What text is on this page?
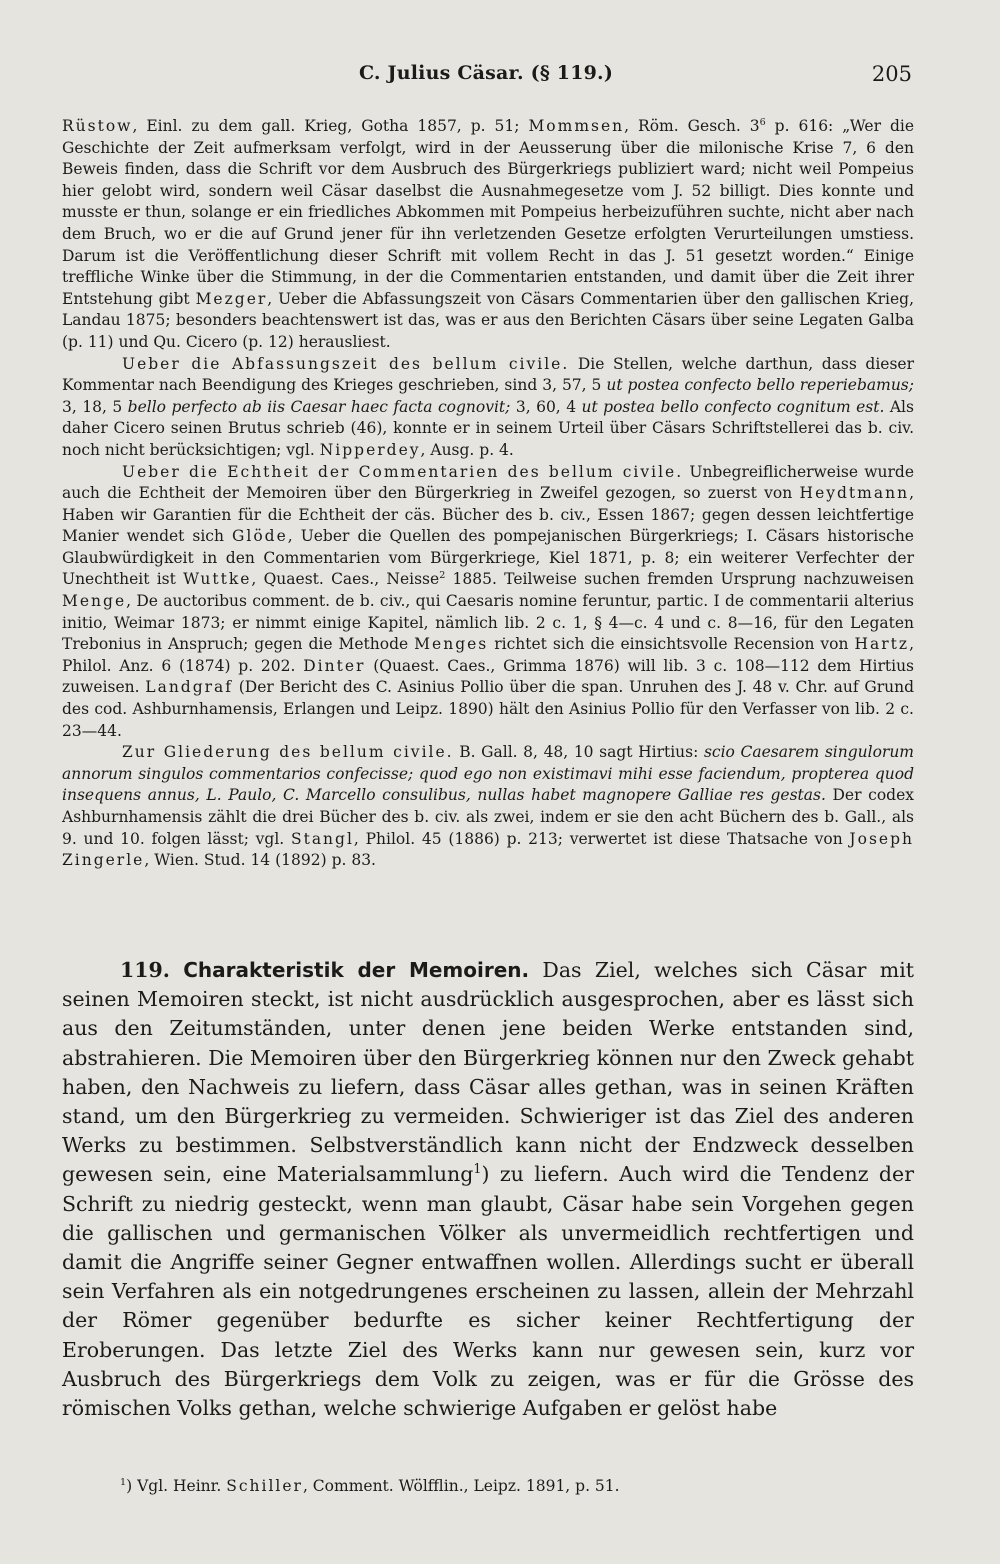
C. Julius Cäsar. (§ 119.)	205

Rüstow, Einl. zu dem gall. Krieg, Gotha 1857, p. 51; Mommsen, Röm. Gesch. $3^6$ p. 616: „Wer die Geschichte der Zeit aufmerksam verfolgt, wird in der Aeusserung über die milonische Krise 7, 6 den Beweis finden, dass die Schrift vor dem Ausbruch des Bürgerkriegs publiziert ward; nicht weil Pompeius hier gelobt wird, sondern weil Cäsar daselbst die Ausnahmegesetze vom J. 52 billigt. Dies konnte und musste er thun, solange er ein friedliches Abkommen mit Pompeius herbeizuführen suchte, nicht aber nach dem Bruch, wo er die auf Grund jener für ihn verletzenden Gesetze erfolgten Verurteilungen umstiess. Darum ist die Veröffentlichung dieser Schrift mit vollem Recht in das J. 51 gesetzt worden.“ Einige treffliche Winke über die Stimmung, in der die Commentarien entstanden, und damit über die Zeit ihrer Entstehung gibt Mezger, Ueber die Abfassungszeit von Cäsars Commentarien über den gallischen Krieg, Landau 1875; besonders beachtenswert ist das, was er aus den Berichten Cäsars über seine Legaten Galba (p. 11) und Qu. Cicero (p. 12) herausliest.

Ueber die Abfassungszeit des bellum civile. Die Stellen, welche darthun, dass dieser Kommentar nach Beendigung des Krieges geschrieben, sind 3, 57, 5 ut postea confecto bello reperiebamus; 3, 18, 5 bello perfecto ab iis Caesar haec facta cognovit; 3, 60, 4 ut postea bello confecto cognitum est. Als daher Cicero seinen Brutus schrieb (46), konnte er in seinem Urteil über Cäsars Schriftstellerei das b. civ. noch nicht berücksichtigen; vgl. Nipperdey, Ausg. p. 4.

Ueber die Echtheit der Commentarien des bellum civile. Unbegreiflicherweise wurde auch die Echtheit der Memoiren über den Bürgerkrieg in Zweifel gezogen, so zuerst von Heydtmann, Haben wir Garantien für die Echtheit der cäs. Bücher des b. civ., Essen 1867; gegen dessen leichtfertige Manier wendet sich Glöde, Ueber die Quellen des pompejanischen Bürgerkriegs; I. Cäsars historische Glaubwürdigkeit in den Commentarien vom Bürgerkriege, Kiel 1871, p. 8; ein weiterer Verfechter der Unechtheit ist Wuttke, Quaest. Caes., Neisse$^2$ 1885. Teilweise suchen fremden Ursprung nachzuweisen Menge, De auctoribus comment. de b. civ., qui Caesaris nomine feruntur, partic. I de commentarii alterius initio, Weimar 1873; er nimmt einige Kapitel, nämlich lib. 2 c. 1, § 4—c. 4 und c. 8—16, für den Legaten Trebonius in Anspruch; gegen die Methode Menges richtet sich die einsichtsvolle Recension von Hartz, Philol. Anz. 6 (1874) p. 202. Dinter (Quaest. Caes., Grimma 1876) will lib. 3 c. 108—112 dem Hirtius zuweisen. Landgraf (Der Bericht des C. Asinius Pollio über die span. Unruhen des J. 48 v. Chr. auf Grund des cod. Ashburnhamensis, Erlangen und Leipz. 1890) hält den Asinius Pollio für den Verfasser von lib. 2 c. 23—44.

Zur Gliederung des bellum civile. B. Gall. 8, 48, 10 sagt Hirtius: scio Caesarem singulorum annorum singulos commentarios confecisse; quod ego non existimavi mihi esse faciendum, propterea quod insequens annus, L. Paulo, C. Marcello consulibus, nullas habet magnopere Galliae res gestas. Der codex Ashburnhamensis zählt die drei Bücher des b. civ. als zwei, indem er sie den acht Büchern des b. Gall., als 9. und 10. folgen lässt; vgl. Stangl, Philol. 45 (1886) p. 213; verwertet ist diese Thatsache von Joseph Zingerle, Wien. Stud. 14 (1892) p. 83.

119. Charakteristik der Memoiren. Das Ziel, welches sich Cäsar mit seinen Memoiren steckt, ist nicht ausdrücklich ausgesprochen, aber es lässt sich aus den Zeitumständen, unter denen jene beiden Werke entstanden sind, abstrahieren. Die Memoiren über den Bürgerkrieg können nur den Zweck gehabt haben, den Nachweis zu liefern, dass Cäsar alles gethan, was in seinen Kräften stand, um den Bürgerkrieg zu vermeiden. Schwieriger ist das Ziel des anderen Werks zu bestimmen. Selbstverständlich kann nicht der Endzweck desselben gewesen sein, eine Materialsammlung$^1$) zu liefern. Auch wird die Tendenz der Schrift zu niedrig gesteckt, wenn man glaubt, Cäsar habe sein Vorgehen gegen die gallischen und germanischen Völker als unvermeidlich rechtfertigen und damit die Angriffe seiner Gegner entwaffnen wollen. Allerdings sucht er überall sein Verfahren als ein notgedrungenes erscheinen zu lassen, allein der Mehrzahl der Römer gegenüber bedurfte es sicher keiner Rechtfertigung der Eroberungen. Das letzte Ziel des Werks kann nur gewesen sein, kurz vor Ausbruch des Bürgerkriegs dem Volk zu zeigen, was er für die Grösse des römischen Volks gethan, welche schwierige Aufgaben er gelöst habe

$^1$) Vgl. Heinr. Schiller, Comment. Wölfflin., Leipz. 1891, p. 51.
